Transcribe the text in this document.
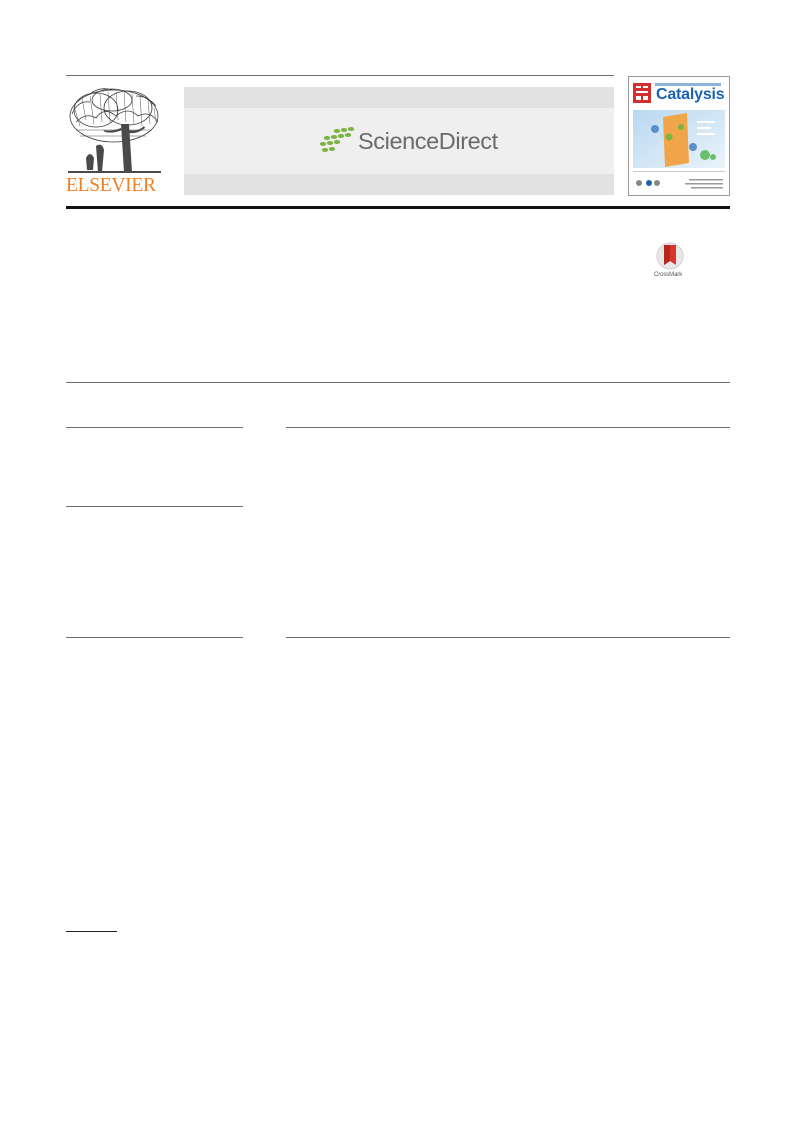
ELSEVIER
ScienceDirect
Catalysis
CrossMark
